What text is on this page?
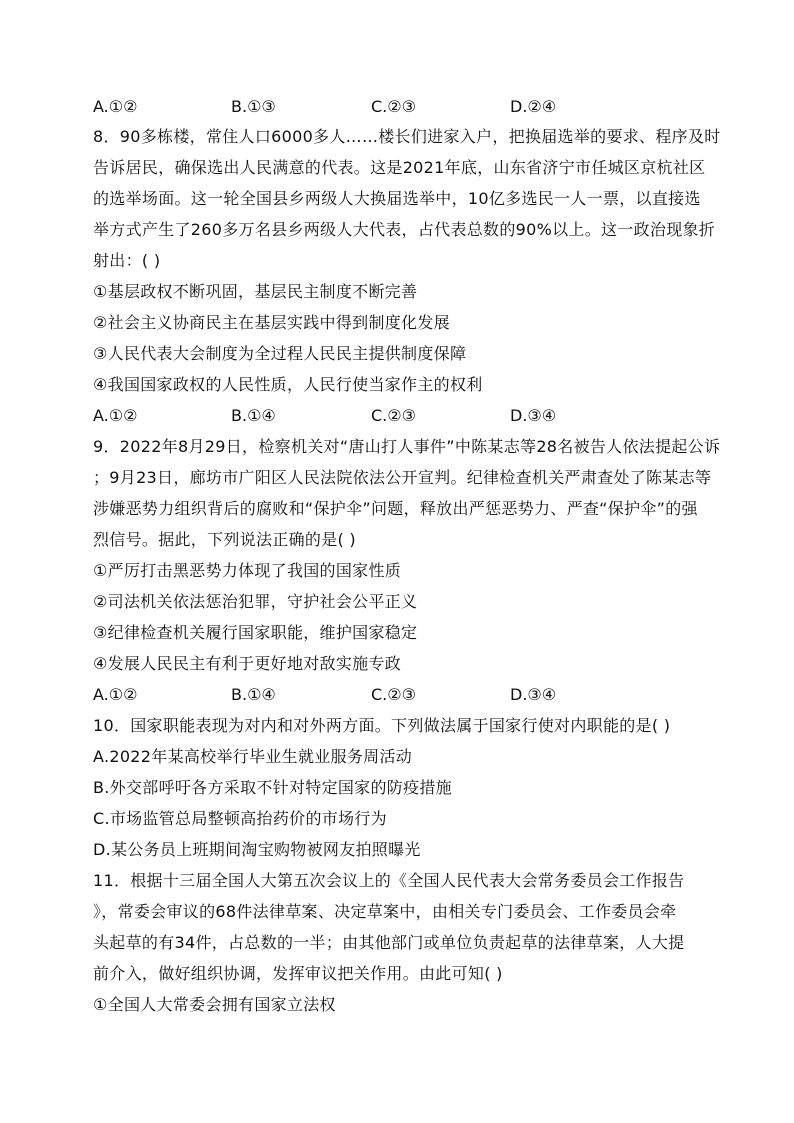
A.①②	B.①③	C.②③	D.②④
8．90多栋楼，常住人口6000多人……楼长们进家入户，把换届选举的要求、程序及时
告诉居民，确保选出人民满意的代表。这是2021年底，山东省济宁市任城区京杭社区
的选举场面。这一轮全国县乡两级人大换届选举中，10亿多选民一人一票，以直接选
举方式产生了260多万名县乡两级人大代表，占代表总数的90%以上。这一政治现象折
射出：( )
①基层政权不断巩固，基层民主制度不断完善
②社会主义协商民主在基层实践中得到制度化发展
③人民代表大会制度为全过程人民民主提供制度保障
④我国国家政权的人民性质，人民行使当家作主的权利
A.①②	B.①④	C.②③	D.③④
9．2022年8月29日，检察机关对“唐山打人事件”中陈某志等28名被告人依法提起公诉
；9月23日，廊坊市广阳区人民法院依法公开宣判。纪律检查机关严肃查处了陈某志等
涉嫌恶势力组织背后的腐败和“保护伞”问题，释放出严惩恶势力、严查“保护伞”的强
烈信号。据此，下列说法正确的是( )
①严厉打击黑恶势力体现了我国的国家性质
②司法机关依法惩治犯罪，守护社会公平正义
③纪律检查机关履行国家职能，维护国家稳定
④发展人民民主有利于更好地对敌实施专政
A.①②	B.①④	C.②③	D.③④
10．国家职能表现为对内和对外两方面。下列做法属于国家行使对内职能的是( )
A.2022年某高校举行毕业生就业服务周活动
B.外交部呼吁各方采取不针对特定国家的防疫措施
C.市场监管总局整顿高抬药价的市场行为
D.某公务员上班期间淘宝购物被网友拍照曝光
11．根据十三届全国人大第五次会议上的《全国人民代表大会常务委员会工作报告
》，常委会审议的68件法律草案、决定草案中，由相关专门委员会、工作委员会牵
头起草的有34件，占总数的一半；由其他部门或单位负责起草的法律草案，人大提
前介入，做好组织协调，发挥审议把关作用。由此可知( )
①全国人大常委会拥有国家立法权
